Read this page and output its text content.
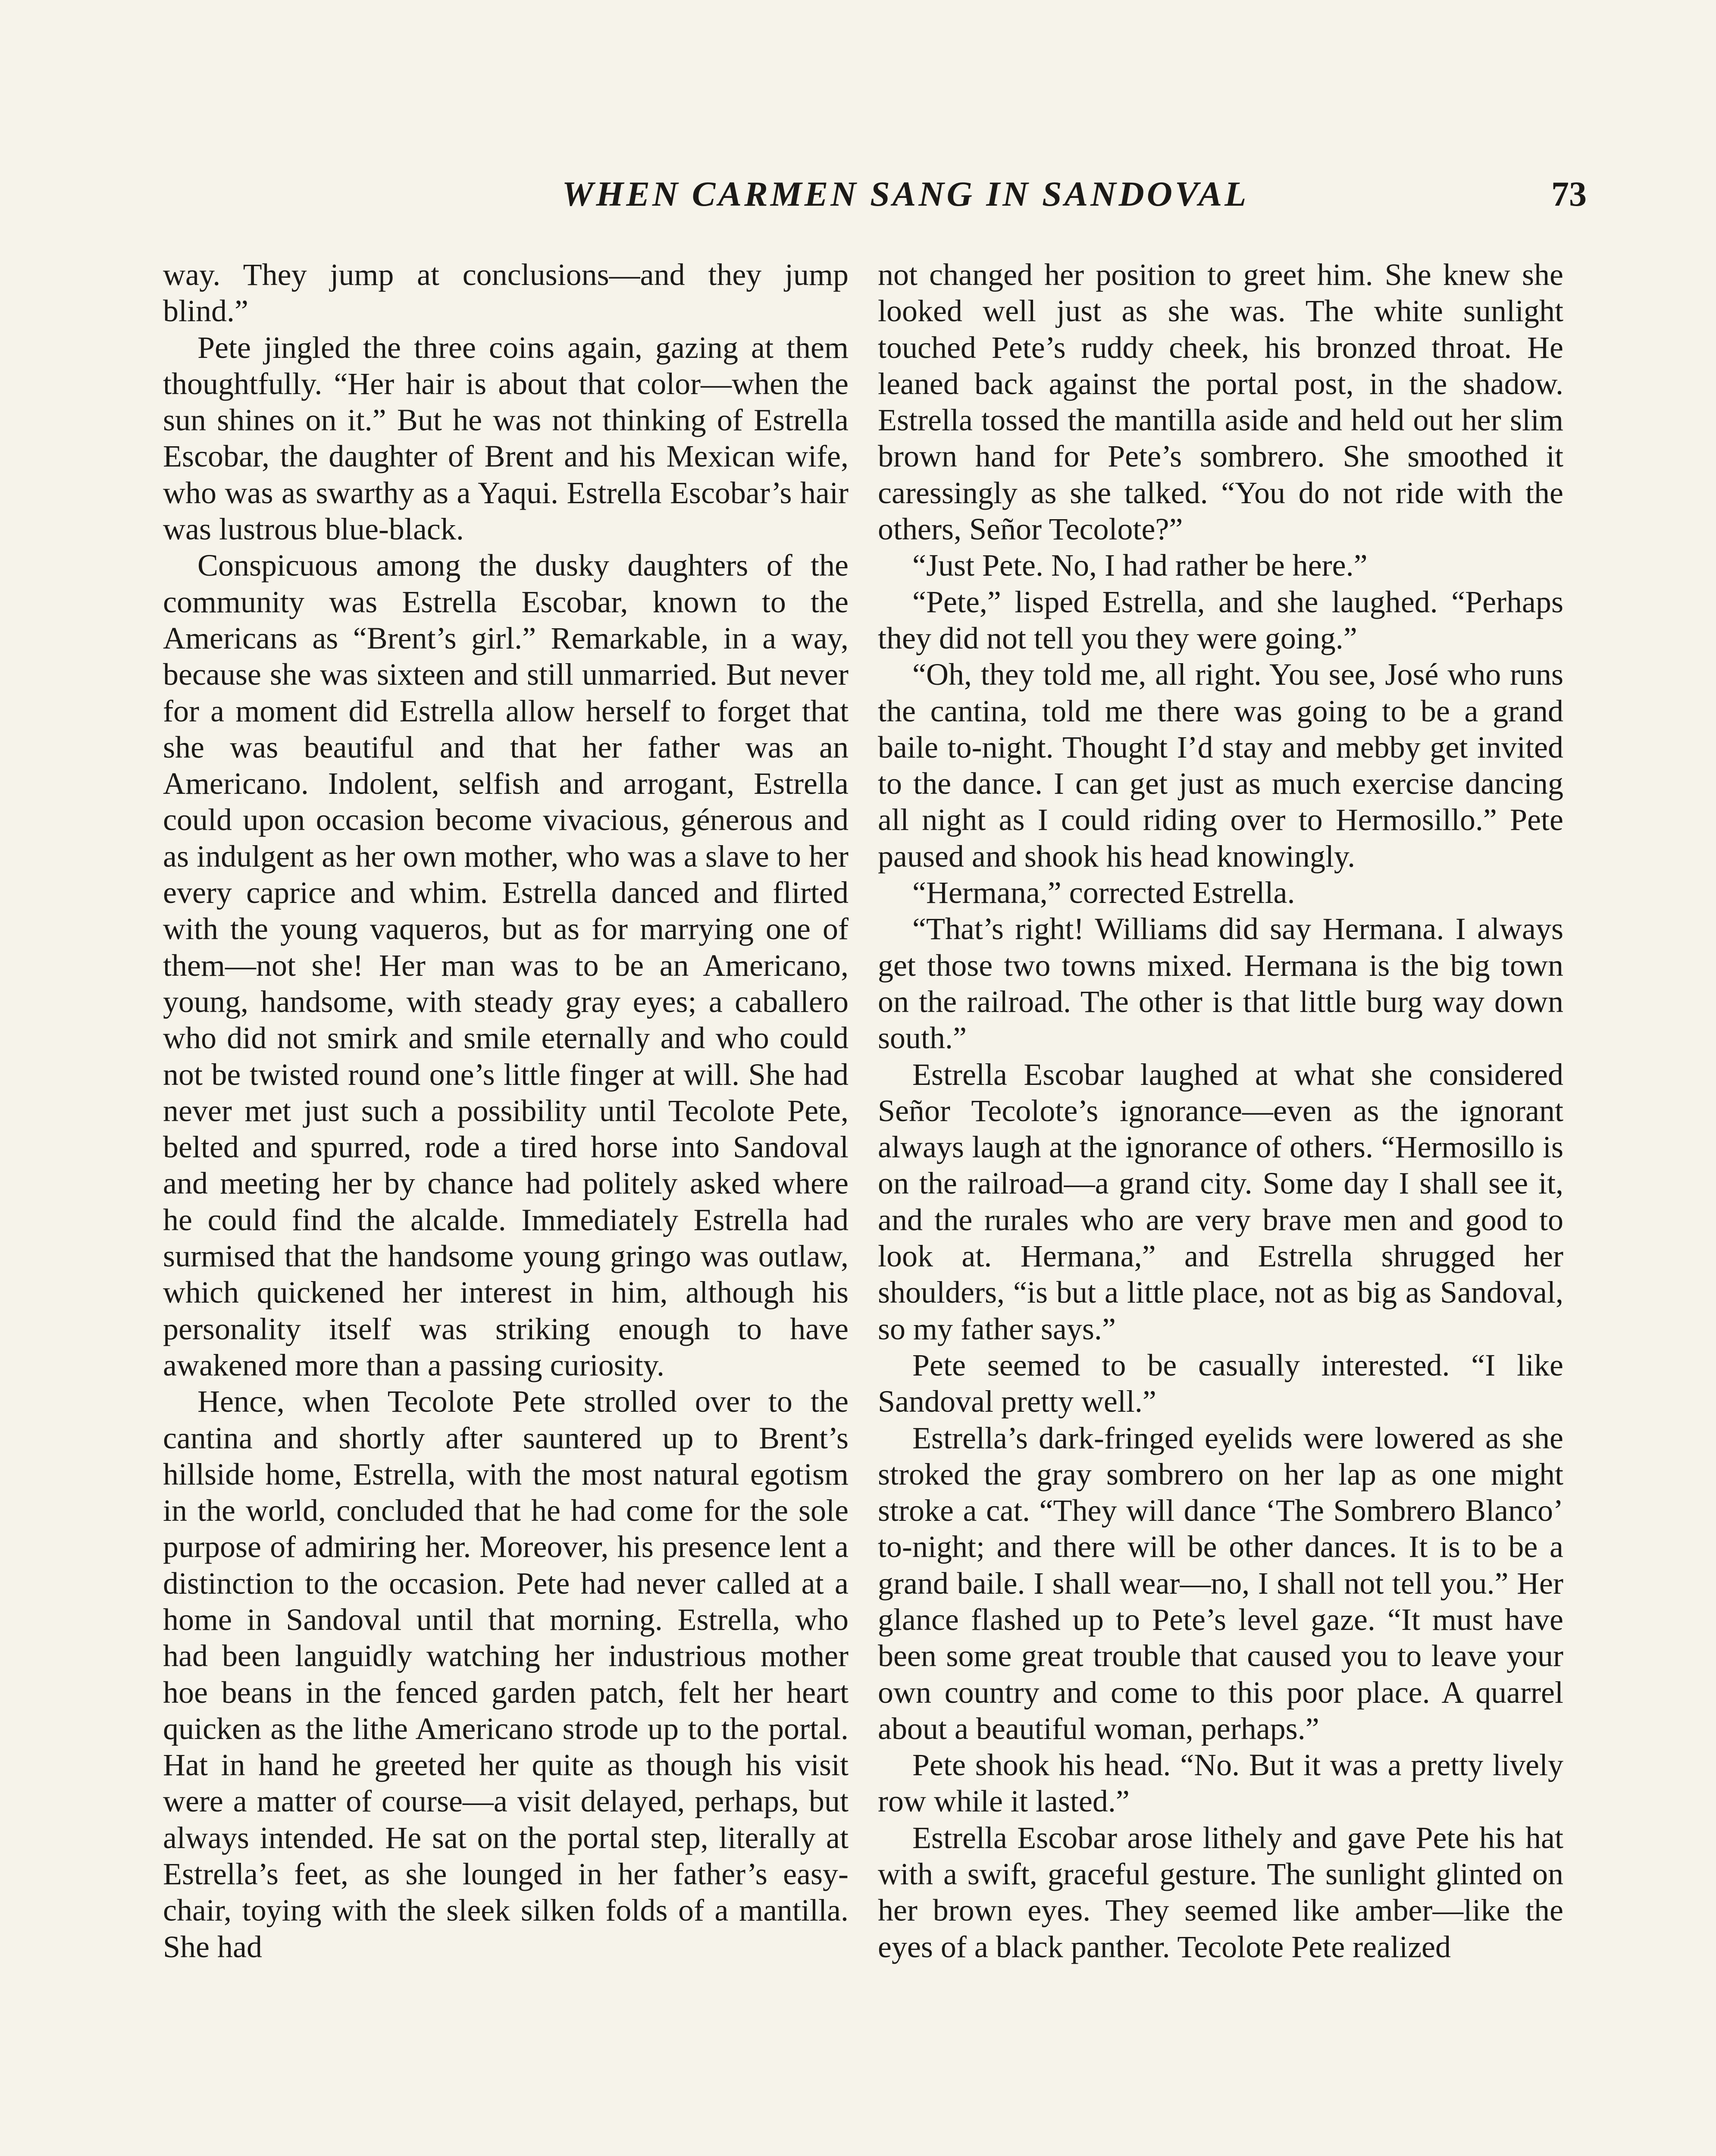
WHEN CARMEN SANG IN SANDOVAL	73

way. They jump at conclusions—and they jump blind.”

Pete jingled the three coins again, gazing at them thoughtfully. “Her hair is about that color—when the sun shines on it.” But he was not thinking of Estrella Escobar, the daughter of Brent and his Mexican wife, who was as swarthy as a Yaqui. Estrella Escobar’s hair was lustrous blue-black.

Conspicuous among the dusky daughters of the community was Estrella Escobar, known to the Americans as “Brent’s girl.” Remarkable, in a way, because she was sixteen and still unmarried. But never for a moment did Estrella allow herself to forget that she was beautiful and that her father was an Americano. Indolent, selfish and arrogant, Estrella could upon occasion become vivacious, génerous and as indulgent as her own mother, who was a slave to her every caprice and whim. Estrella danced and flirted with the young vaqueros, but as for marrying one of them—not she! Her man was to be an Americano, young, handsome, with steady gray eyes; a caballero who did not smirk and smile eternally and who could not be twisted round one’s little finger at will. She had never met just such a possibility until Tecolote Pete, belted and spurred, rode a tired horse into Sandoval and meeting her by chance had politely asked where he could find the alcalde. Immediately Estrella had surmised that the handsome young gringo was outlaw, which quickened her interest in him, although his personality itself was striking enough to have awakened more than a passing curiosity.

Hence, when Tecolote Pete strolled over to the cantina and shortly after sauntered up to Brent’s hillside home, Estrella, with the most natural egotism in the world, concluded that he had come for the sole purpose of admiring her. Moreover, his presence lent a distinction to the occasion. Pete had never called at a home in Sandoval until that morning. Estrella, who had been languidly watching her industrious mother hoe beans in the fenced garden patch, felt her heart quicken as the lithe Americano strode up to the portal. Hat in hand he greeted her quite as though his visit were a matter of course—a visit delayed, perhaps, but always intended. He sat on the portal step, literally at Estrella’s feet, as she lounged in her father’s easy-chair, toying with the sleek silken folds of a mantilla. She had

not changed her position to greet him. She knew she looked well just as she was. The white sunlight touched Pete’s ruddy cheek, his bronzed throat. He leaned back against the portal post, in the shadow. Estrella tossed the mantilla aside and held out her slim brown hand for Pete’s sombrero. She smoothed it caressingly as she talked. “You do not ride with the others, Señor Tecolote?”

“Just Pete. No, I had rather be here.”

“Pete,” lisped Estrella, and she laughed. “Perhaps they did not tell you they were going.”

“Oh, they told me, all right. You see, José who runs the cantina, told me there was going to be a grand baile to-night. Thought I’d stay and mebby get invited to the dance. I can get just as much exercise dancing all night as I could riding over to Hermosillo.” Pete paused and shook his head knowingly.

“Hermana,” corrected Estrella.

“That’s right! Williams did say Hermana. I always get those two towns mixed. Hermana is the big town on the railroad. The other is that little burg way down south.”

Estrella Escobar laughed at what she considered Señor Tecolote’s ignorance—even as the ignorant always laugh at the ignorance of others. “Hermosillo is on the railroad—a grand city. Some day I shall see it, and the rurales who are very brave men and good to look at. Hermana,” and Estrella shrugged her shoulders, “is but a little place, not as big as Sandoval, so my father says.”

Pete seemed to be casually interested. “I like Sandoval pretty well.”

Estrella’s dark-fringed eyelids were lowered as she stroked the gray sombrero on her lap as one might stroke a cat. “They will dance ‘The Sombrero Blanco’ to-night; and there will be other dances. It is to be a grand baile. I shall wear—no, I shall not tell you.” Her glance flashed up to Pete’s level gaze. “It must have been some great trouble that caused you to leave your own country and come to this poor place. A quarrel about a beautiful woman, perhaps.”

Pete shook his head. “No. But it was a pretty lively row while it lasted.”

Estrella Escobar arose lithely and gave Pete his hat with a swift, graceful gesture. The sunlight glinted on her brown eyes. They seemed like amber—like the eyes of a black panther. Tecolote Pete realized
